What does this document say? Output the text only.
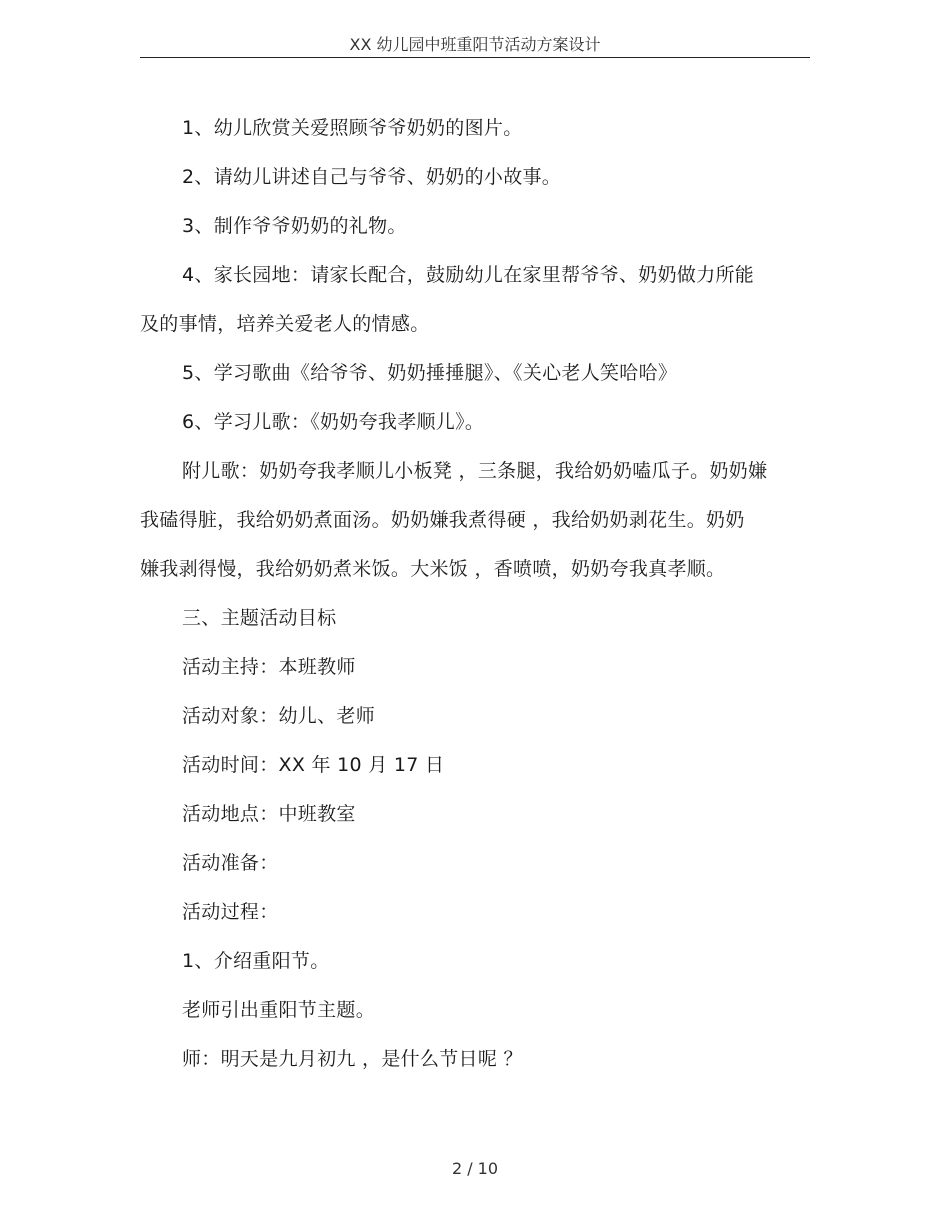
XX 幼儿园中班重阳节活动方案设计

1、幼儿欣赏关爱照顾爷爷奶奶的图片。

2、请幼儿讲述自己与爷爷、奶奶的小故事。

3、制作爷爷奶奶的礼物。

4、家长园地：请家长配合，鼓励幼儿在家里帮爷爷、奶奶做力所能
及的事情，培养关爱老人的情感。

5、学习歌曲《给爷爷、奶奶捶捶腿》、《关心老人笑哈哈》

6、学习儿歌：《奶奶夸我孝顺儿》。

附儿歌：奶奶夸我孝顺儿小板凳 ，三条腿，我给奶奶嗑瓜子。奶奶嫌
我磕得脏，我给奶奶煮面汤。奶奶嫌我煮得硬 ，我给奶奶剥花生。奶奶
嫌我剥得慢，我给奶奶煮米饭。大米饭 ，香喷喷，奶奶夸我真孝顺。

三、主题活动目标

活动主持：本班教师

活动对象：幼儿、老师

活动时间：XX 年 10 月 17 日

活动地点：中班教室

活动准备：

活动过程：

1、介绍重阳节。

老师引出重阳节主题。

师：明天是九月初九 ，是什么节日呢 ？

2 / 10
